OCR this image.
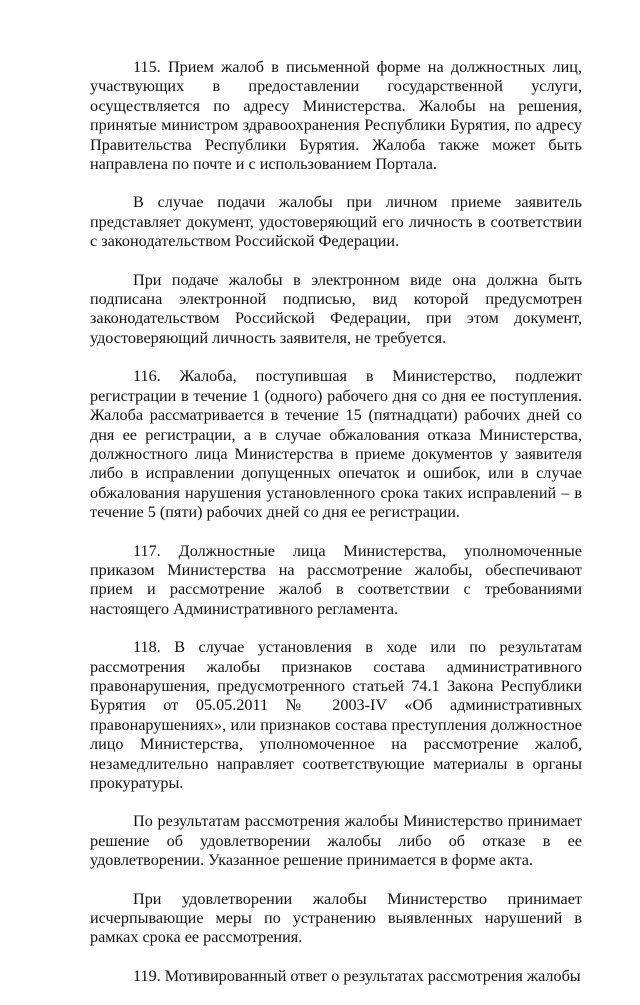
115. Прием жалоб в письменной форме на должностных лиц, участвующих в предоставлении государственной услуги, осуществляется по адресу Министерства. Жалобы на решения, принятые министром здравоохранения Республики Бурятия, по адресу Правительства Республики Бурятия. Жалоба также может быть направлена по почте и с использованием Портала.

В случае подачи жалобы при личном приеме заявитель представляет документ, удостоверяющий его личность в соответствии с законодательством Российской Федерации.

При подаче жалобы в электронном виде она должна быть подписана электронной подписью, вид которой предусмотрен законодательством Российской Федерации, при этом документ, удостоверяющий личность заявителя, не требуется.

116. Жалоба, поступившая в Министерство, подлежит регистрации в течение 1 (одного) рабочего дня со дня ее поступления. Жалоба рассматривается в течение 15 (пятнадцати) рабочих дней со дня ее регистрации, а в случае обжалования отказа Министерства, должностного лица Министерства в приеме документов у заявителя либо в исправлении допущенных опечаток и ошибок, или в случае обжалования нарушения установленного срока таких исправлений – в течение 5 (пяти) рабочих дней со дня ее регистрации.

117. Должностные лица Министерства, уполномоченные приказом Министерства на рассмотрение жалобы, обеспечивают прием и рассмотрение жалоб в соответствии с требованиями настоящего Административного регламента.

118. В случае установления в ходе или по результатам рассмотрения жалобы признаков состава административного правонарушения, предусмотренного статьей 74.1 Закона Республики Бурятия от 05.05.2011 № 2003-IV «Об административных правонарушениях», или признаков состава преступления должностное лицо Министерства, уполномоченное на рассмотрение жалоб, незамедлительно направляет соответствующие материалы в органы прокуратуры.

По результатам рассмотрения жалобы Министерство принимает решение об удовлетворении жалобы либо об отказе в ее удовлетворении. Указанное решение принимается в форме акта.

При удовлетворении жалобы Министерство принимает исчерпывающие меры по устранению выявленных нарушений в рамках срока ее рассмотрения.

119. Мотивированный ответ о результатах рассмотрения жалобы
